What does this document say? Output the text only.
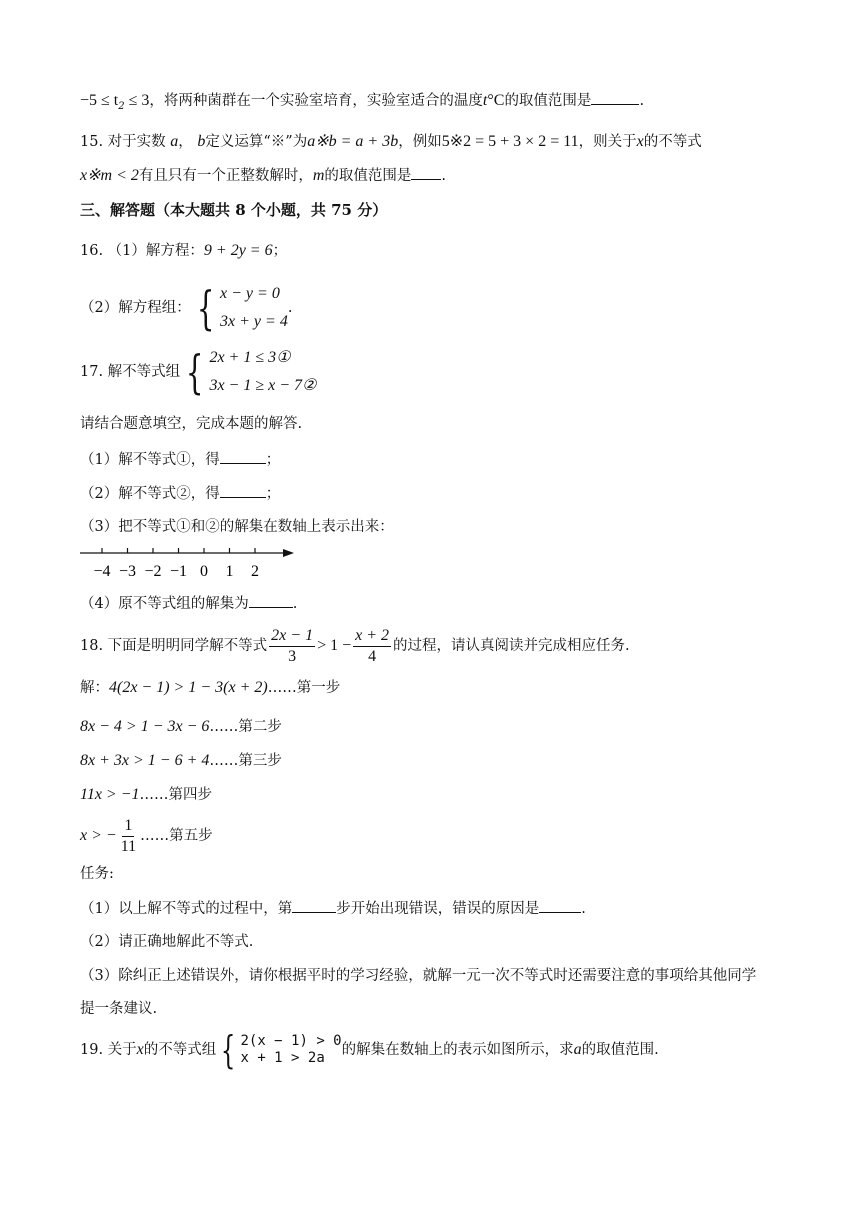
$-5 \le t_2 \le 3$，将两种菌群在一个实验室培育，实验室适合的温度t°C的取值范围是	.
15. 对于实数 a， b定义运算“※”为a※b = a + 3b，例如5※2 = 5 + 3 × 2 = 11，则关于x的不等式
x※m < 2有且只有一个正整数解时，m的取值范围是 .
三、解答题（本大题共 8 个小题，共 75 分）
16. （1）解方程：9 + 2y = 6；
（2）解方程组： { x − y = 0
3x + y = 4
.
17. 解不等式组 { 2x + 1 ≤ 3①
3x − 1 ≥ x − 7②
请结合题意填空，完成本题的解答.
（1）解不等式①，得	；
（2）解不等式②，得	；
（3）把不等式①和②的解集在数轴上表示出来：
−4 −3 −2 −1 0 1 2
（4）原不等式组的解集为	.
18.
下面是明明同学解不等式 $\frac{2x - 1}{3} > 1 - \frac{x + 2}{4}$ 的过程，请认真阅读并完成相应任务.
解：4(2x − 1) > 1 − 3(x + 2)……第一步
8x − 4 > 1 − 3x − 6……第二步
8x + 3x > 1 − 6 + 4……第三步
11x > −1……第四步
x > − $\frac{1}{11}$ ……第五步
任务:
（1）以上解不等式的过程中，第	步开始出现错误，错误的原因是	.
（2）请正确地解此不等式.
（3）除纠正上述错误外，请你根据平时的学习经验，就解一元一次不等式时还需要注意的事项给其他同学
提一条建议.
19.
关于 x 的不等式组 { 2(x − 1) > 0
x + 1 > 2a	的解集在数轴上的表示如图所示，求 a 的取值范围.
